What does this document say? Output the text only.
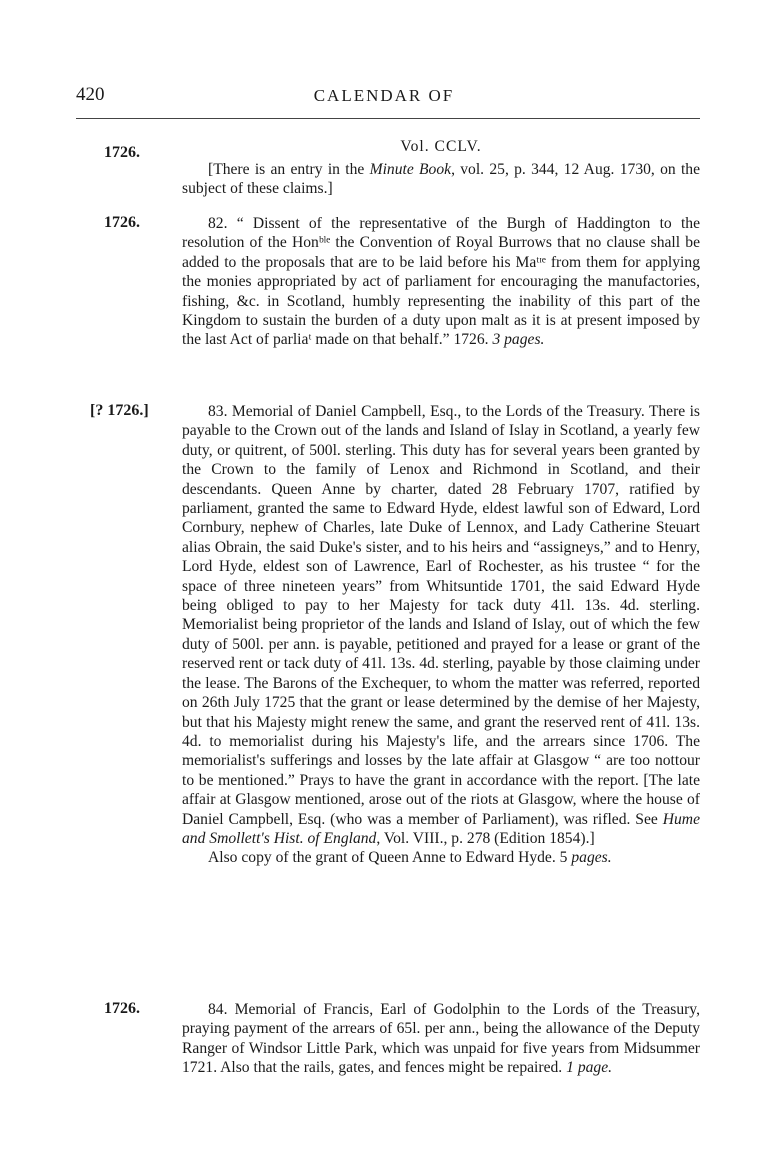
420	CALENDAR OF
1726.	Vol. CCLV.

[There is an entry in the Minute Book, vol. 25, p. 344, 12 Aug. 1730, on the subject of these claims.]

1726.	82. “ Dissent of the representative of the Burgh of Haddington to the resolution of the Honᵇˡᵉ the Convention of Royal Burrows that no clause shall be added to the proposals that are to be laid before his Maᵗᶦᵉ from them for applying the monies appropriated by act of parliament for encouraging the manufactories, fishing, &c. in Scotland, humbly representing the inability of this part of the Kingdom to sustain the burden of a duty upon malt as it is at present imposed by the last Act of parliaᵗ made on that behalf.” 1726. 3 pages.

[? 1726.]	83. Memorial of Daniel Campbell, Esq., to the Lords of the Treasury. There is payable to the Crown out of the lands and Island of Islay in Scotland, a yearly few duty, or quitrent, of 500l. sterling. This duty has for several years been granted by the Crown to the family of Lenox and Richmond in Scotland, and their descendants. Queen Anne by charter, dated 28 February 1707, ratified by parliament, granted the same to Edward Hyde, eldest lawful son of Edward, Lord Cornbury, nephew of Charles, late Duke of Lennox, and Lady Catherine Steuart alias Obrain, the said Duke's sister, and to his heirs and “assigneys,” and to Henry, Lord Hyde, eldest son of Lawrence, Earl of Rochester, as his trustee “ for the space of three nineteen years” from Whitsuntide 1701, the said Edward Hyde being obliged to pay to her Majesty for tack duty 41l. 13s. 4d. sterling. Memorialist being proprietor of the lands and Island of Islay, out of which the few duty of 500l. per ann. is payable, petitioned and prayed for a lease or grant of the reserved rent or tack duty of 41l. 13s. 4d. sterling, payable by those claiming under the lease. The Barons of the Exchequer, to whom the matter was referred, reported on 26th July 1725 that the grant or lease determined by the demise of her Majesty, but that his Majesty might renew the same, and grant the reserved rent of 41l. 13s. 4d. to memorialist during his Majesty's life, and the arrears since 1706. The memorialist's sufferings and losses by the late affair at Glasgow “ are too nottour to be mentioned.” Prays to have the grant in accordance with the report. [The late affair at Glasgow mentioned, arose out of the riots at Glasgow, where the house of Daniel Campbell, Esq. (who was a member of Parliament), was rifled. See Hume and Smollett's Hist. of England, Vol. VIII., p. 278 (Edition 1854).]

Also copy of the grant of Queen Anne to Edward Hyde. 5 pages.

1726.	84. Memorial of Francis, Earl of Godolphin to the Lords of the Treasury, praying payment of the arrears of 65l. per ann., being the allowance of the Deputy Ranger of Windsor Little Park, which was unpaid for five years from Midsummer 1721. Also that the rails, gates, and fences might be repaired. 1 page.
